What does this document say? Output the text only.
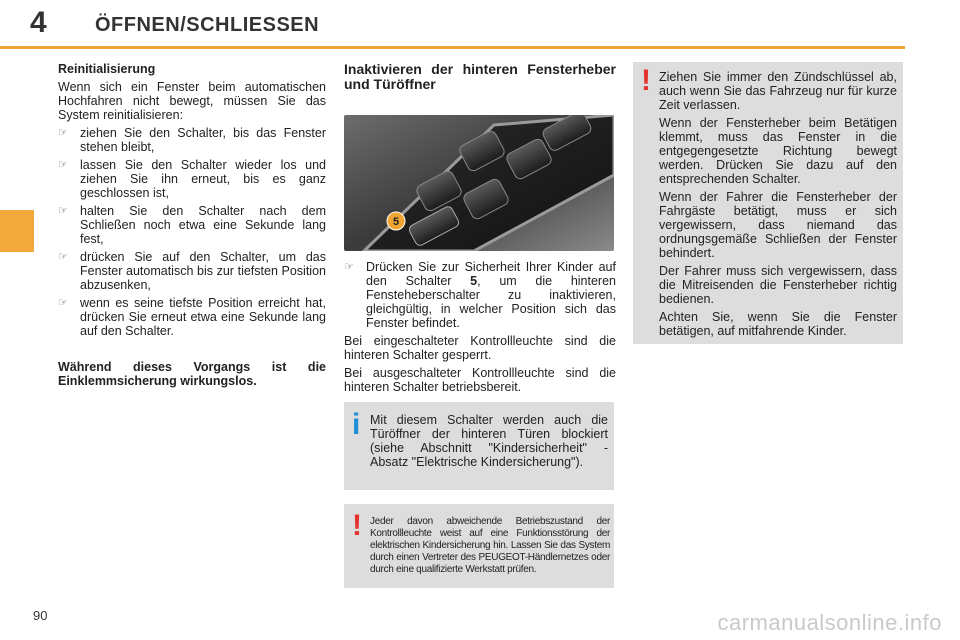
4 ÖFFNEN/SCHLIESSEN

Reinitialisierung

Wenn sich ein Fenster beim automatischen Hochfahren nicht bewegt, müssen Sie das System reinitialisieren:

☞ ziehen Sie den Schalter, bis das Fenster stehen bleibt,
☞ lassen Sie den Schalter wieder los und ziehen Sie ihn erneut, bis es ganz geschlossen ist,
☞ halten Sie den Schalter nach dem Schließen noch etwa eine Sekunde lang fest,
☞ drücken Sie auf den Schalter, um das Fenster automatisch bis zur tiefsten Position abzusenken,
☞ wenn es seine tiefste Position erreicht hat, drücken Sie erneut etwa eine Sekunde lang auf den Schalter.

Während dieses Vorgangs ist die Einklemmsicherung wirkungslos.

Inaktivieren der hinteren Fensterheber und Türöffner

5
☞ Drücken Sie zur Sicherheit Ihrer Kinder auf den Schalter 5, um die hinteren Fensteheberschalter zu inaktivieren, gleichgültig, in welcher Position sich das Fenster befindet.

Bei eingeschalteter Kontrollleuchte sind die hinteren Schalter gesperrt.

Bei ausgeschalteter Kontrollleuchte sind die hinteren Schalter betriebsbereit.

i Mit diesem Schalter werden auch die Türöffner der hinteren Türen blockiert (siehe Abschnitt "Kindersicherheit" - Absatz "Elektrische Kindersicherung").
! Jeder davon abweichende Betriebszustand der Kontrollleuchte weist auf eine Funktionsstörung der elektrischen Kindersicherung hin. Lassen Sie das System durch einen Vertreter des PEUGEOT-Händlernetzes oder durch eine qualifizierte Werkstatt prüfen.
! Ziehen Sie immer den Zündschlüssel ab, auch wenn Sie das Fahrzeug nur für kurze Zeit verlassen.

Wenn der Fensterheber beim Betätigen klemmt, muss das Fenster in die entgegengesetzte Richtung bewegt werden. Drücken Sie dazu auf den entsprechenden Schalter.

Wenn der Fahrer die Fensterheber der Fahrgäste betätigt, muss er sich vergewissern, dass niemand das ordnungsgemäße Schließen der Fenster behindert.

Der Fahrer muss sich vergewissern, dass die Mitreisenden die Fensterheber richtig bedienen.

Achten Sie, wenn Sie die Fenster betätigen, auf mitfahrende Kinder.

90	carmanualsonline.info
